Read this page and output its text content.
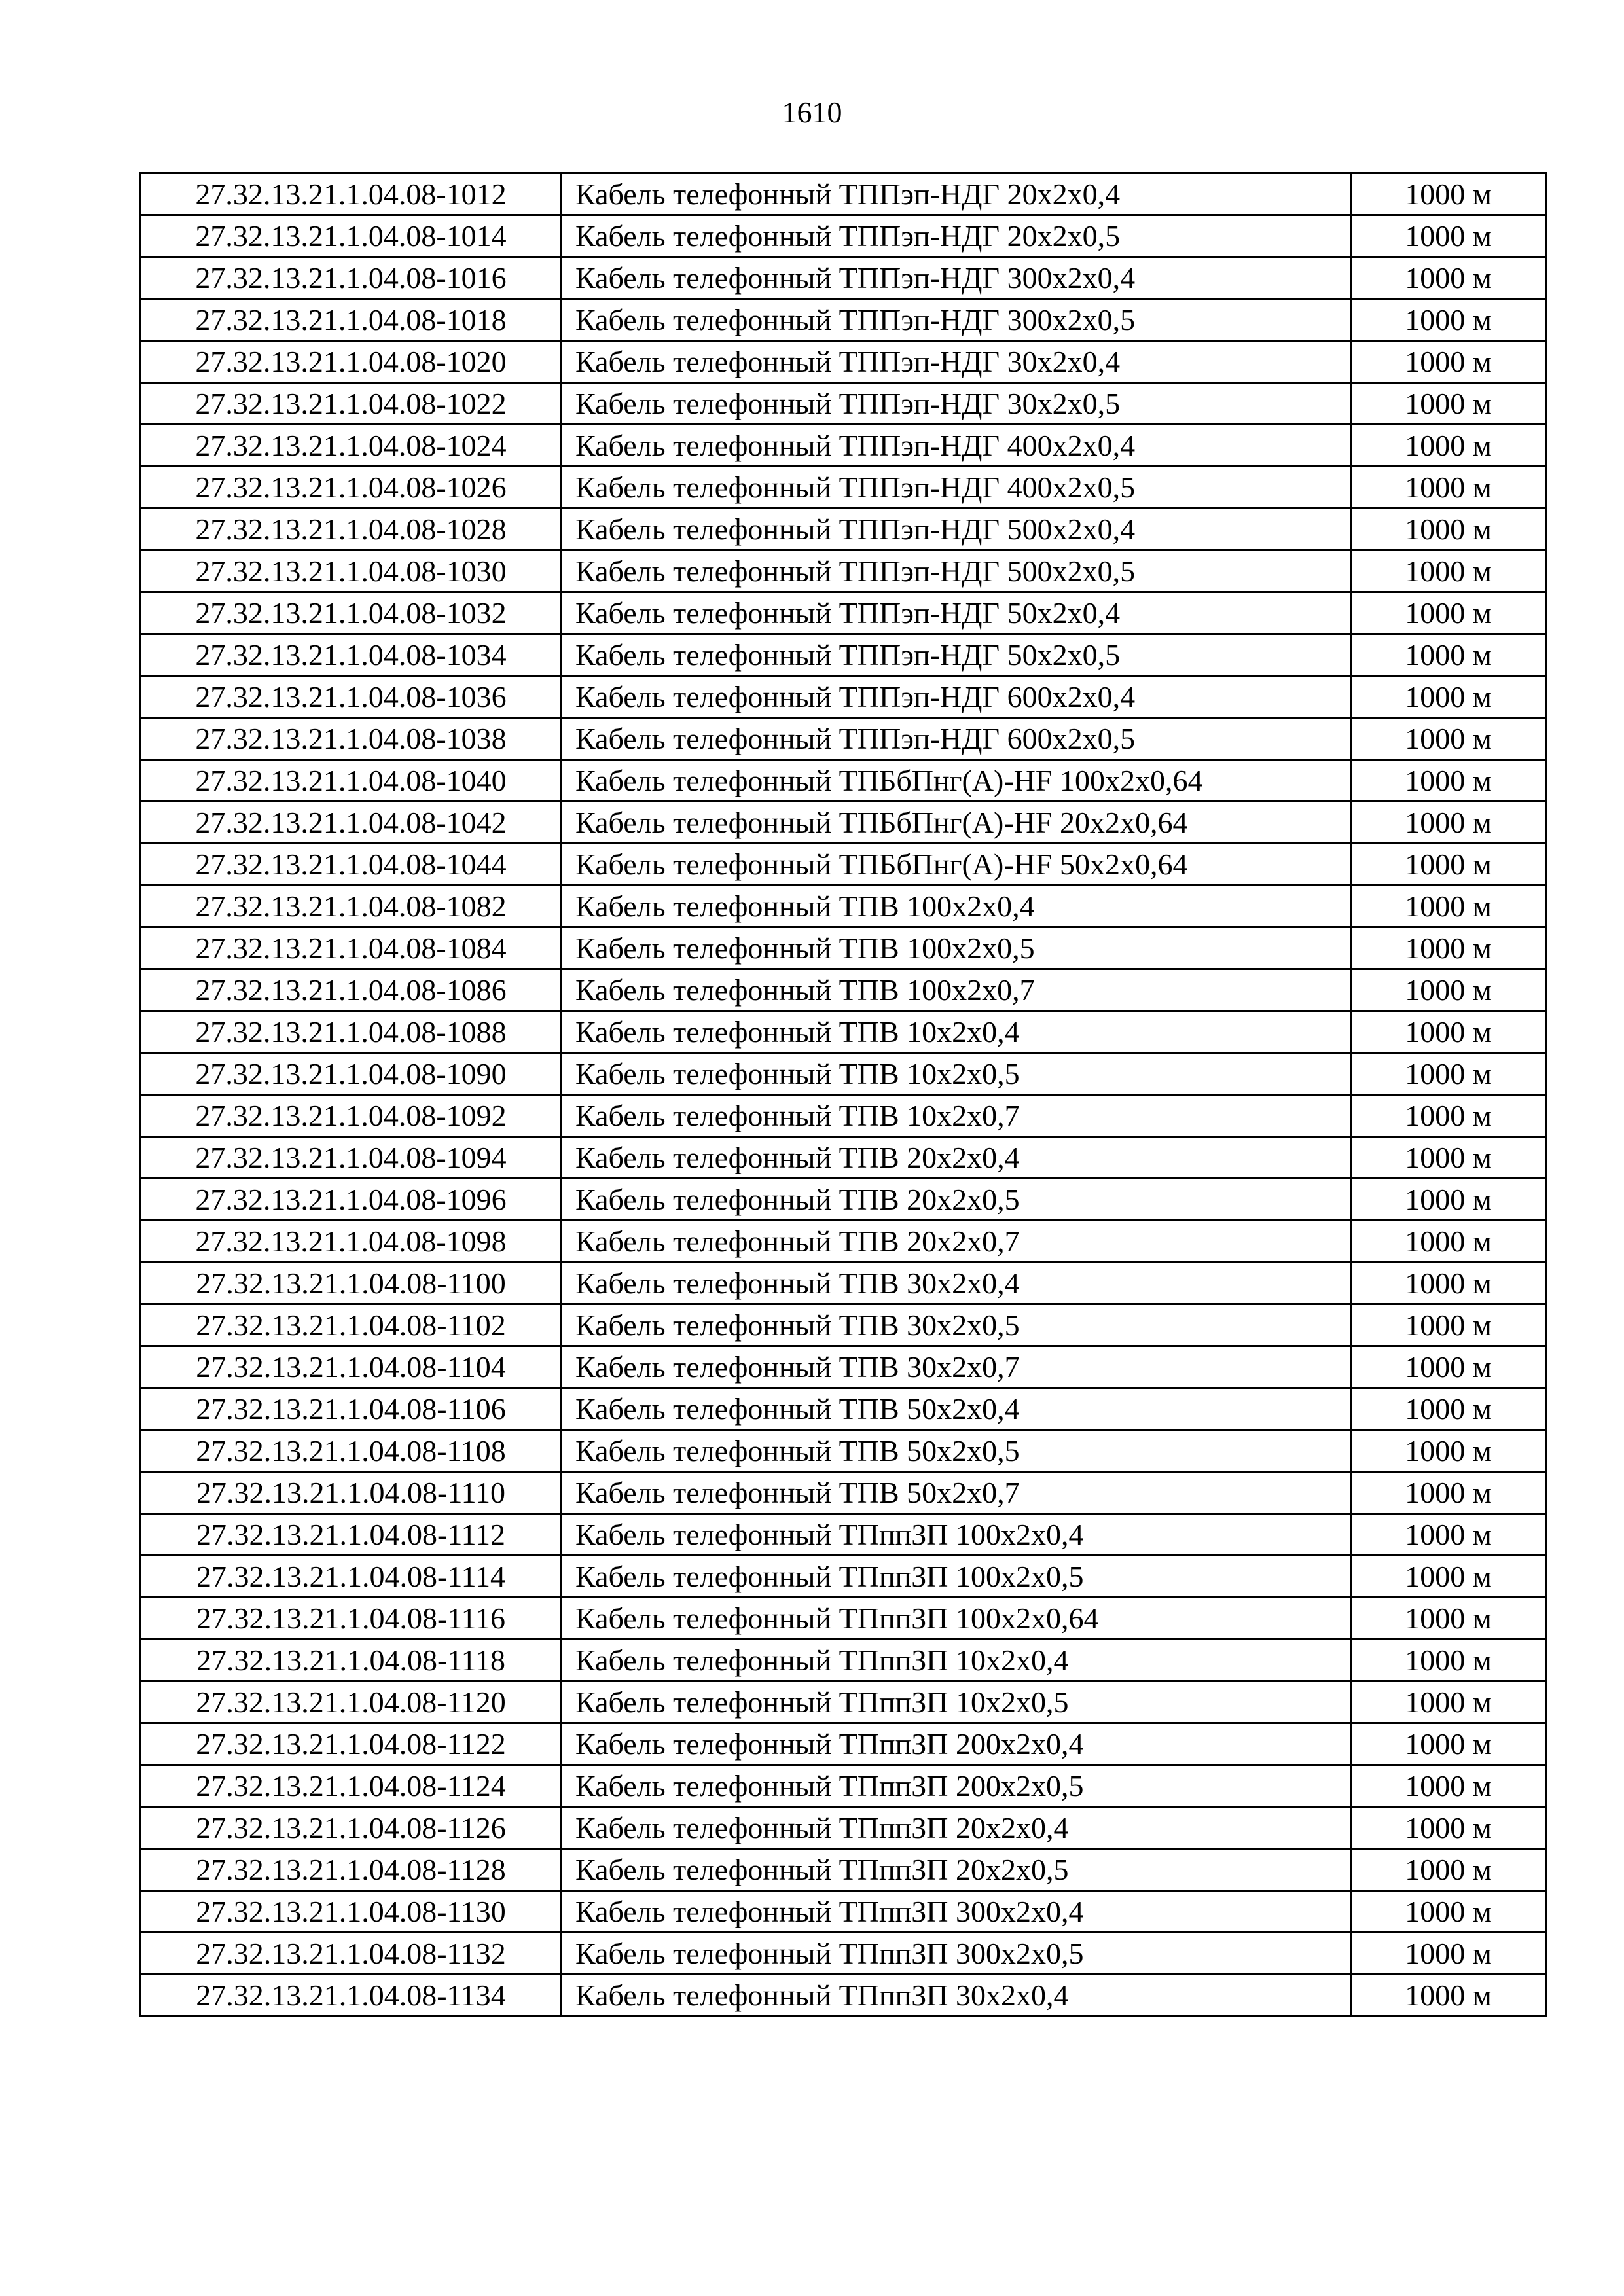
1610
27.32.13.21.1.04.08-1012	Кабель телефонный ТППэп-НДГ 20х2х0,4	1000 м
27.32.13.21.1.04.08-1014	Кабель телефонный ТППэп-НДГ 20х2х0,5	1000 м
27.32.13.21.1.04.08-1016	Кабель телефонный ТППэп-НДГ 300х2х0,4	1000 м
27.32.13.21.1.04.08-1018	Кабель телефонный ТППэп-НДГ 300х2х0,5	1000 м
27.32.13.21.1.04.08-1020	Кабель телефонный ТППэп-НДГ 30х2х0,4	1000 м
27.32.13.21.1.04.08-1022	Кабель телефонный ТППэп-НДГ 30х2х0,5	1000 м
27.32.13.21.1.04.08-1024	Кабель телефонный ТППэп-НДГ 400х2х0,4	1000 м
27.32.13.21.1.04.08-1026	Кабель телефонный ТППэп-НДГ 400х2х0,5	1000 м
27.32.13.21.1.04.08-1028	Кабель телефонный ТППэп-НДГ 500х2х0,4	1000 м
27.32.13.21.1.04.08-1030	Кабель телефонный ТППэп-НДГ 500х2х0,5	1000 м
27.32.13.21.1.04.08-1032	Кабель телефонный ТППэп-НДГ 50х2х0,4	1000 м
27.32.13.21.1.04.08-1034	Кабель телефонный ТППэп-НДГ 50х2х0,5	1000 м
27.32.13.21.1.04.08-1036	Кабель телефонный ТППэп-НДГ 600х2х0,4	1000 м
27.32.13.21.1.04.08-1038	Кабель телефонный ТППэп-НДГ 600х2х0,5	1000 м
27.32.13.21.1.04.08-1040	Кабель телефонный ТПБбПнг(А)-HF 100х2х0,64	1000 м
27.32.13.21.1.04.08-1042	Кабель телефонный ТПБбПнг(А)-HF 20х2х0,64	1000 м
27.32.13.21.1.04.08-1044	Кабель телефонный ТПБбПнг(А)-HF 50х2х0,64	1000 м
27.32.13.21.1.04.08-1082	Кабель телефонный ТПВ 100х2х0,4	1000 м
27.32.13.21.1.04.08-1084	Кабель телефонный ТПВ 100х2х0,5	1000 м
27.32.13.21.1.04.08-1086	Кабель телефонный ТПВ 100х2х0,7	1000 м
27.32.13.21.1.04.08-1088	Кабель телефонный ТПВ 10х2х0,4	1000 м
27.32.13.21.1.04.08-1090	Кабель телефонный ТПВ 10х2х0,5	1000 м
27.32.13.21.1.04.08-1092	Кабель телефонный ТПВ 10х2х0,7	1000 м
27.32.13.21.1.04.08-1094	Кабель телефонный ТПВ 20х2х0,4	1000 м
27.32.13.21.1.04.08-1096	Кабель телефонный ТПВ 20х2х0,5	1000 м
27.32.13.21.1.04.08-1098	Кабель телефонный ТПВ 20х2х0,7	1000 м
27.32.13.21.1.04.08-1100	Кабель телефонный ТПВ 30х2х0,4	1000 м
27.32.13.21.1.04.08-1102	Кабель телефонный ТПВ 30х2х0,5	1000 м
27.32.13.21.1.04.08-1104	Кабель телефонный ТПВ 30х2х0,7	1000 м
27.32.13.21.1.04.08-1106	Кабель телефонный ТПВ 50х2х0,4	1000 м
27.32.13.21.1.04.08-1108	Кабель телефонный ТПВ 50х2х0,5	1000 м
27.32.13.21.1.04.08-1110	Кабель телефонный ТПВ 50х2х0,7	1000 м
27.32.13.21.1.04.08-1112	Кабель телефонный ТПппЗП 100х2х0,4	1000 м
27.32.13.21.1.04.08-1114	Кабель телефонный ТПппЗП 100х2х0,5	1000 м
27.32.13.21.1.04.08-1116	Кабель телефонный ТПппЗП 100х2х0,64	1000 м
27.32.13.21.1.04.08-1118	Кабель телефонный ТПппЗП 10х2х0,4	1000 м
27.32.13.21.1.04.08-1120	Кабель телефонный ТПппЗП 10х2х0,5	1000 м
27.32.13.21.1.04.08-1122	Кабель телефонный ТПппЗП 200х2х0,4	1000 м
27.32.13.21.1.04.08-1124	Кабель телефонный ТПппЗП 200х2х0,5	1000 м
27.32.13.21.1.04.08-1126	Кабель телефонный ТПппЗП 20х2х0,4	1000 м
27.32.13.21.1.04.08-1128	Кабель телефонный ТПппЗП 20х2х0,5	1000 м
27.32.13.21.1.04.08-1130	Кабель телефонный ТПппЗП 300х2х0,4	1000 м
27.32.13.21.1.04.08-1132	Кабель телефонный ТПппЗП 300х2х0,5	1000 м
27.32.13.21.1.04.08-1134	Кабель телефонный ТПппЗП 30х2х0,4	1000 м
